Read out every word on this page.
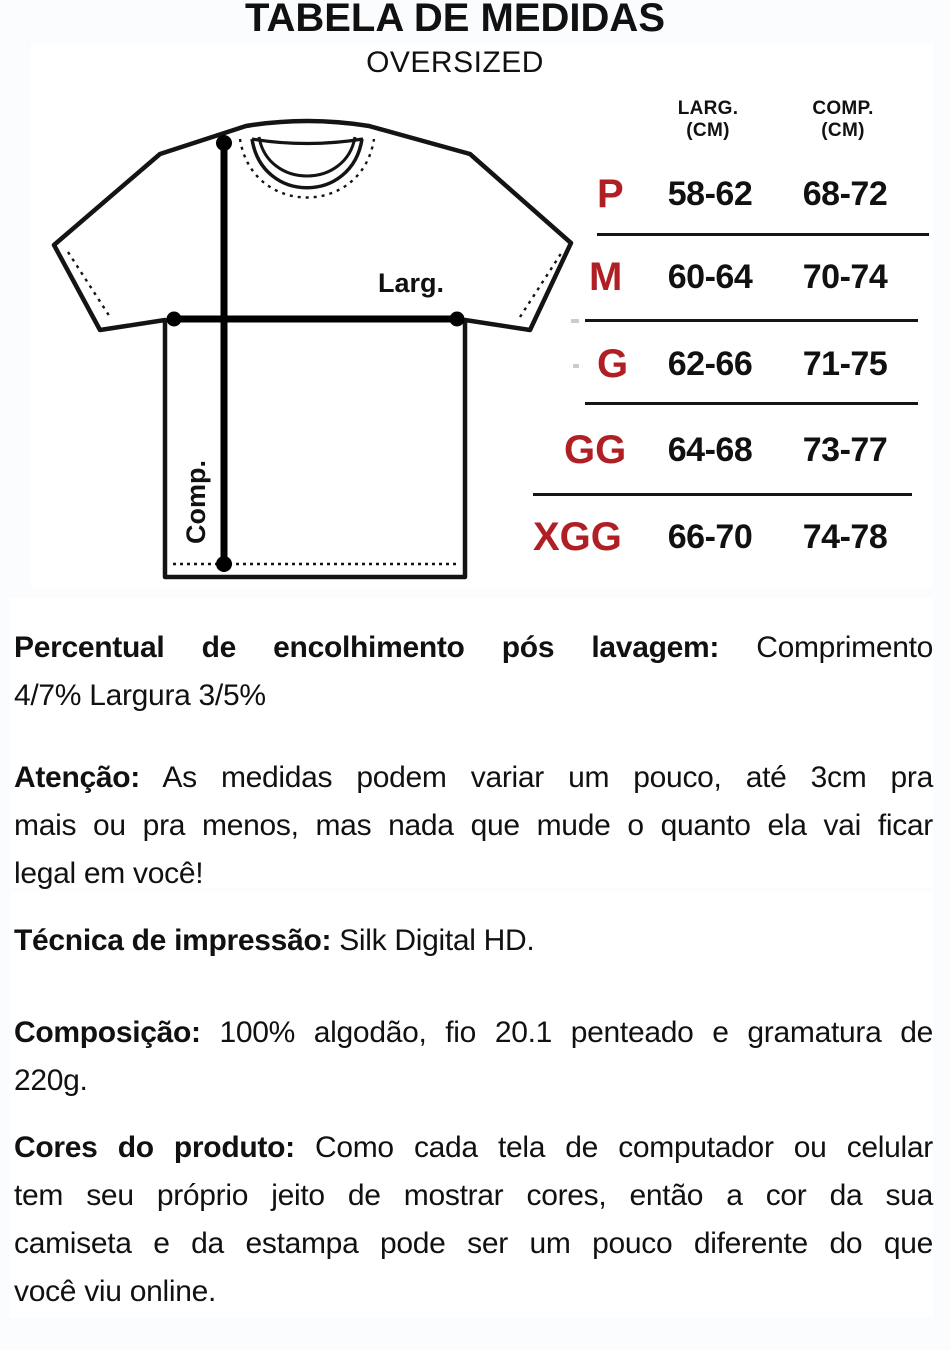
TABELA DE MEDIDAS
OVERSIZED
Larg.
Comp.
LARG.
(CM)
COMP.
(CM)
P	58-62	68-72
M	60-64	70-74
G	62-66	71-75
GG	64-68	73-77
XGG	66-70	74-78
Percentual de encolhimento pós lavagem: Comprimento
4/7% Largura 3/5%
Atenção: As medidas podem variar um pouco, até 3cm pra
mais ou pra menos, mas nada que mude o quanto ela vai ficar
legal em você!
Técnica de impressão: Silk Digital HD.
Composição: 100% algodão, fio 20.1 penteado e gramatura de
220g.
Cores do produto: Como cada tela de computador ou celular
tem seu próprio jeito de mostrar cores, então a cor da sua
camiseta e da estampa pode ser um pouco diferente do que
você viu online.
